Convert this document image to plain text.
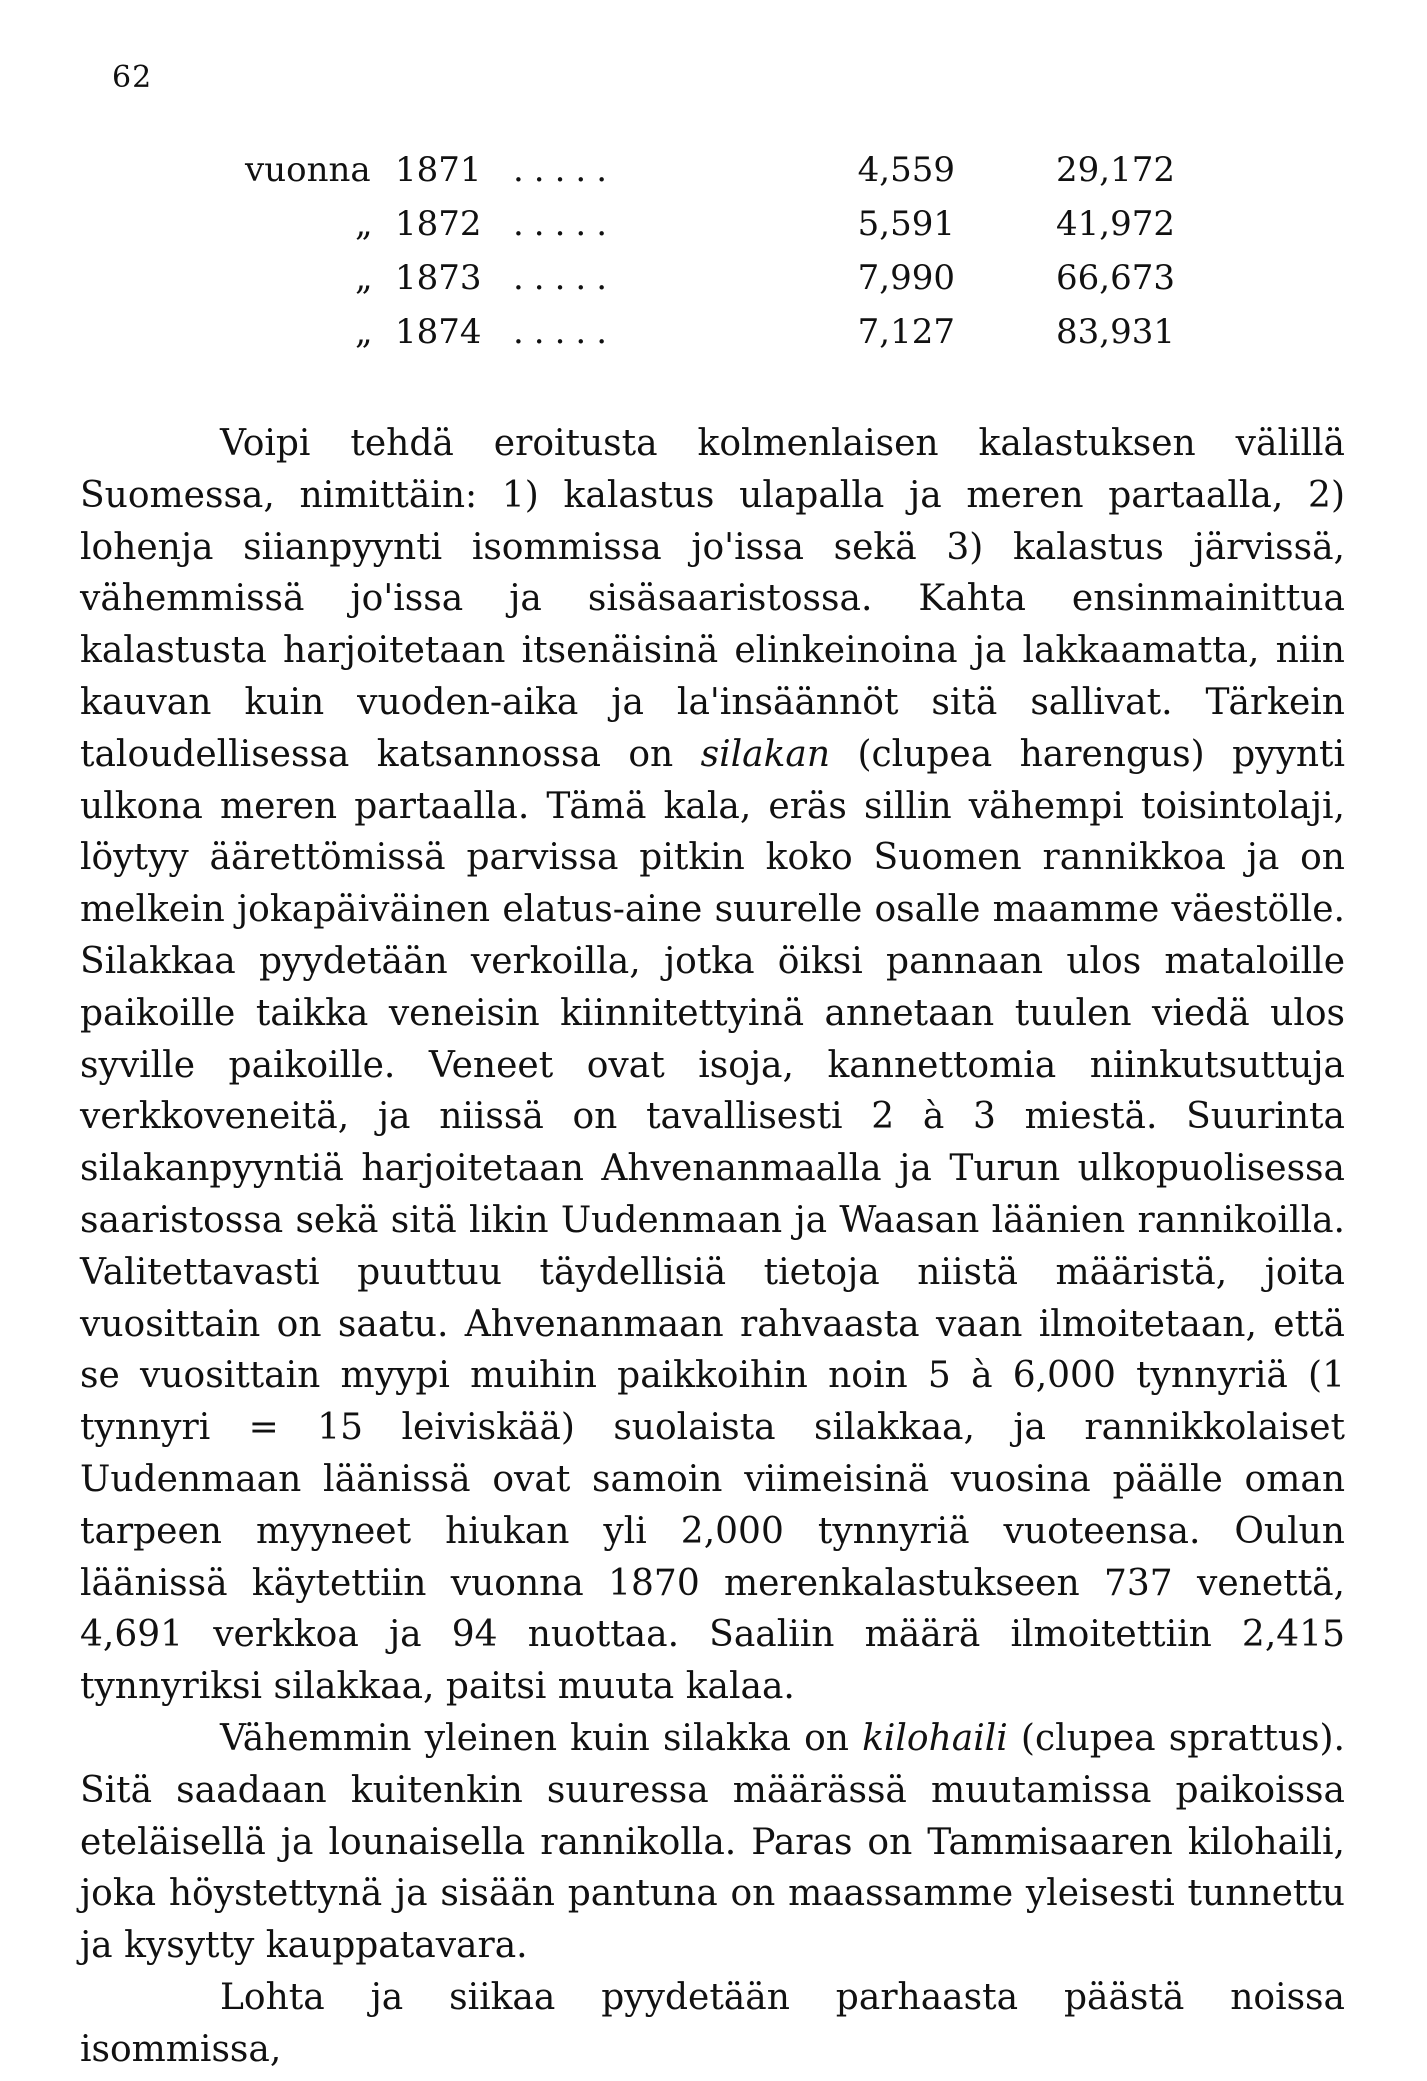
62
vuonna 1871 .....	4,559	29,172
„ 1872 .....	5,591	41,972
„ 1873 .....	7,990	66,673
„ 1874 .....	7,127	83,931

Voipi tehdä eroitusta kolmenlaisen kalastuksen välillä Suomessa, nimittäin: 1) kalastus ulapalla ja meren partaalla, 2) lohenja siianpyynti isommissa jo'issa sekä 3) kalastus järvissä, vähemmissä jo'issa ja sisäsaaristossa. Kahta ensinmainittua kalastusta harjoitetaan itsenäisinä elinkeinoina ja lakkaamatta, niin kauvan kuin vuoden-aika ja la'insäännöt sitä sallivat. Tärkein taloudellisessa katsannossa on silakan (clupea harengus) pyynti ulkona meren partaalla. Tämä kala, eräs sillin vähempi toisintolaji, löytyy äärettömissä parvissa pitkin koko Suomen rannikkoa ja on melkein jokapäiväinen elatus-aine suurelle osalle maamme väestölle. Silakkaa pyydetään verkoilla, jotka öiksi pannaan ulos mataloille paikoille taikka veneisin kiinnitettyinä annetaan tuulen viedä ulos syville paikoille. Veneet ovat isoja, kannettomia niinkutsuttuja verkkoveneitä, ja niissä on tavallisesti 2 à 3 miestä. Suurinta silakanpyyntiä harjoitetaan Ahvenanmaalla ja Turun ulkopuolisessa saaristossa sekä sitä likin Uudenmaan ja Waasan läänien rannikoilla. Valitettavasti puuttuu täydellisiä tietoja niistä määristä, joita vuosittain on saatu. Ahvenanmaan rahvaasta vaan ilmoitetaan, että se vuosittain myypi muihin paikkoihin noin 5 à 6,000 tynnyriä (1 tynnyri = 15 leiviskää) suolaista silakkaa, ja rannikkolaiset Uudenmaan läänissä ovat samoin viimeisinä vuosina päälle oman tarpeen myyneet hiukan yli 2,000 tynnyriä vuoteensa. Oulun läänissä käytettiin vuonna 1870 merenkalastukseen 737 venettä, 4,691 verkkoa ja 94 nuottaa. Saaliin määrä ilmoitettiin 2,415 tynnyriksi silakkaa, paitsi muuta kalaa.

Vähemmin yleinen kuin silakka on kilohaili (clupea sprattus). Sitä saadaan kuitenkin suuressa määrässä muutamissa paikoissa eteläisellä ja lounaisella rannikolla. Paras on Tammisaaren kilohaili, joka höystettynä ja sisään pantuna on maassamme yleisesti tunnettu ja kysytty kauppatavara.

Lohta ja siikaa pyydetään parhaasta päästä noissa isommissa,
